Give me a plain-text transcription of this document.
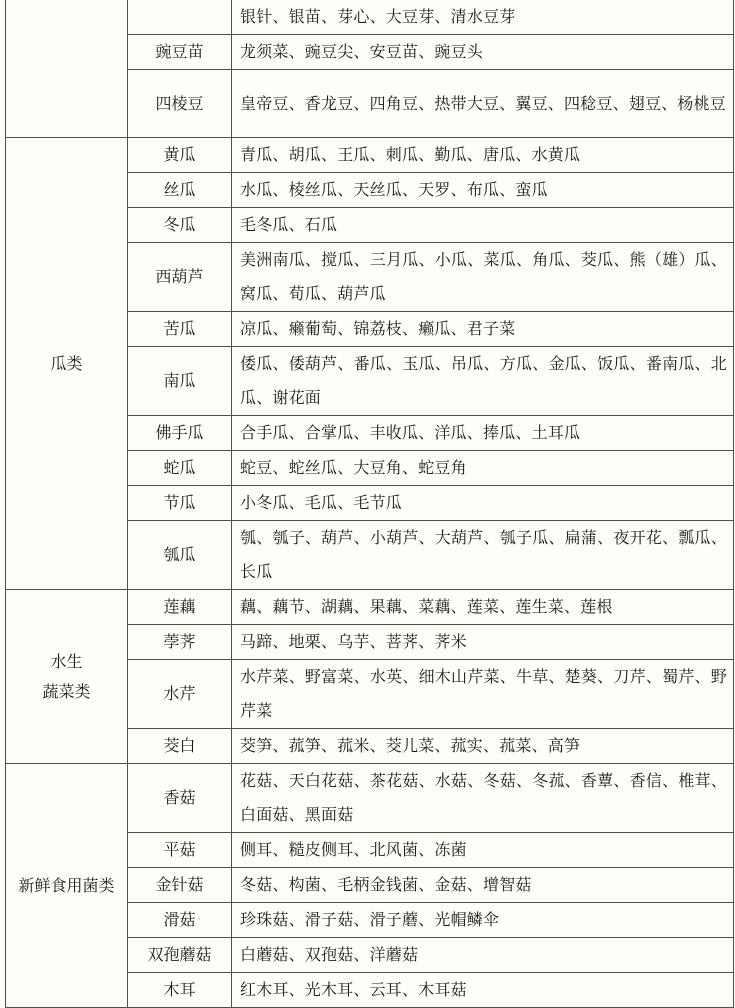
		银针、银苗、芽心、大豆芽、清水豆芽
	豌豆苗	龙须菜、豌豆尖、安豆苗、豌豆头
	四棱豆	皇帝豆、香龙豆、四角豆、热带大豆、翼豆、四稔豆、翅豆、杨桃豆
瓜类	黄瓜	青瓜、胡瓜、王瓜、刺瓜、勤瓜、唐瓜、水黄瓜
	丝瓜	水瓜、棱丝瓜、天丝瓜、天罗、布瓜、蛮瓜
	冬瓜	毛冬瓜、石瓜
	西葫芦	美洲南瓜、搅瓜、三月瓜、小瓜、菜瓜、角瓜、茭瓜、熊（雄）瓜、窝瓜、荀瓜、葫芦瓜
	苦瓜	凉瓜、癞葡萄、锦荔枝、癞瓜、君子菜
	南瓜	倭瓜、倭葫芦、番瓜、玉瓜、吊瓜、方瓜、金瓜、饭瓜、番南瓜、北瓜、谢花面
	佛手瓜	合手瓜、合掌瓜、丰收瓜、洋瓜、捧瓜、土耳瓜
	蛇瓜	蛇豆、蛇丝瓜、大豆角、蛇豆角
	节瓜	小冬瓜、毛瓜、毛节瓜
	瓠瓜	瓠、瓠子、葫芦、小葫芦、大葫芦、瓠子瓜、扁蒲、夜开花、瓢瓜、长瓜
水生
蔬菜类	莲藕	藕、藕节、湖藕、果藕、菜藕、莲菜、莲生菜、莲根
	荸荠	马蹄、地栗、乌芋、菩荠、荠米
	水芹	水芹菜、野富菜、水英、细木山芹菜、牛草、楚葵、刀芹、蜀芹、野芹菜
	茭白	茭笋、菰笋、菰米、茭儿菜、菰实、菰菜、高笋
新鲜食用菌类	香菇	花菇、天白花菇、茶花菇、水菇、冬菇、冬菰、香蕈、香信、椎茸、白面菇、黑面菇
	平菇	侧耳、糙皮侧耳、北风菌、冻菌
	金针菇	冬菇、构菌、毛柄金钱菌、金菇、增智菇
	滑菇	珍珠菇、滑子菇、滑子蘑、光帽鳞伞
	双孢蘑菇	白蘑菇、双孢菇、洋蘑菇
	木耳	红木耳、光木耳、云耳、木耳菇
